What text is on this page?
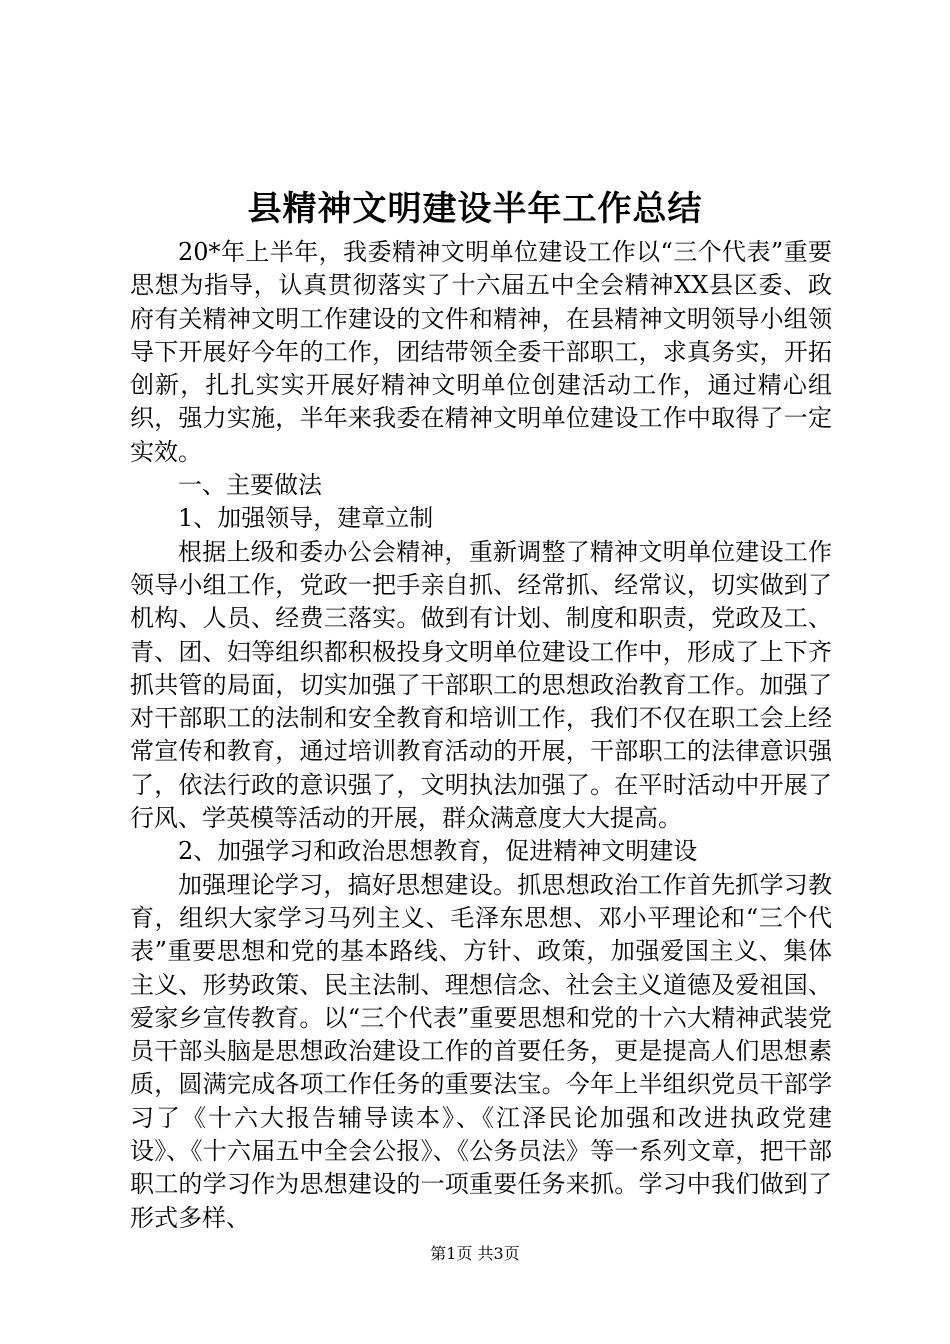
县精神文明建设半年工作总结

20*年上半年，我委精神文明单位建设工作以“三个代表”重要思想为指导，认真贯彻落实了十六届五中全会精神XX县区委、政府有关精神文明工作建设的文件和精神，在县精神文明领导小组领导下开展好今年的工作，团结带领全委干部职工，求真务实，开拓创新，扎扎实实开展好精神文明单位创建活动工作，通过精心组织，强力实施，半年来我委在精神文明单位建设工作中取得了一定实效。

一、主要做法

1、加强领导，建章立制

根据上级和委办公会精神，重新调整了精神文明单位建设工作领导小组工作，党政一把手亲自抓、经常抓、经常议，切实做到了机构、人员、经费三落实。做到有计划、制度和职责，党政及工、青、团、妇等组织都积极投身文明单位建设工作中，形成了上下齐抓共管的局面，切实加强了干部职工的思想政治教育工作。加强了对干部职工的法制和安全教育和培训工作，我们不仅在职工会上经常宣传和教育，通过培训教育活动的开展，干部职工的法律意识强了，依法行政的意识强了，文明执法加强了。在平时活动中开展了行风、学英模等活动的开展，群众满意度大大提高。

2、加强学习和政治思想教育，促进精神文明建设

加强理论学习，搞好思想建设。抓思想政治工作首先抓学习教育，组织大家学习马列主义、毛泽东思想、邓小平理论和“三个代表”重要思想和党的基本路线、方针、政策，加强爱国主义、集体主义、形势政策、民主法制、理想信念、社会主义道德及爱祖国、爱家乡宣传教育。以“三个代表”重要思想和党的十六大精神武装党员干部头脑是思想政治建设工作的首要任务，更是提高人们思想素质，圆满完成各项工作任务的重要法宝。今年上半组织党员干部学习了《十六大报告辅导读本》、《江泽民论加强和改进执政党建设》、《十六届五中全会公报》、《公务员法》等一系列文章，把干部职工的学习作为思想建设的一项重要任务来抓。学习中我们做到了形式多样、

第1页 共3页
